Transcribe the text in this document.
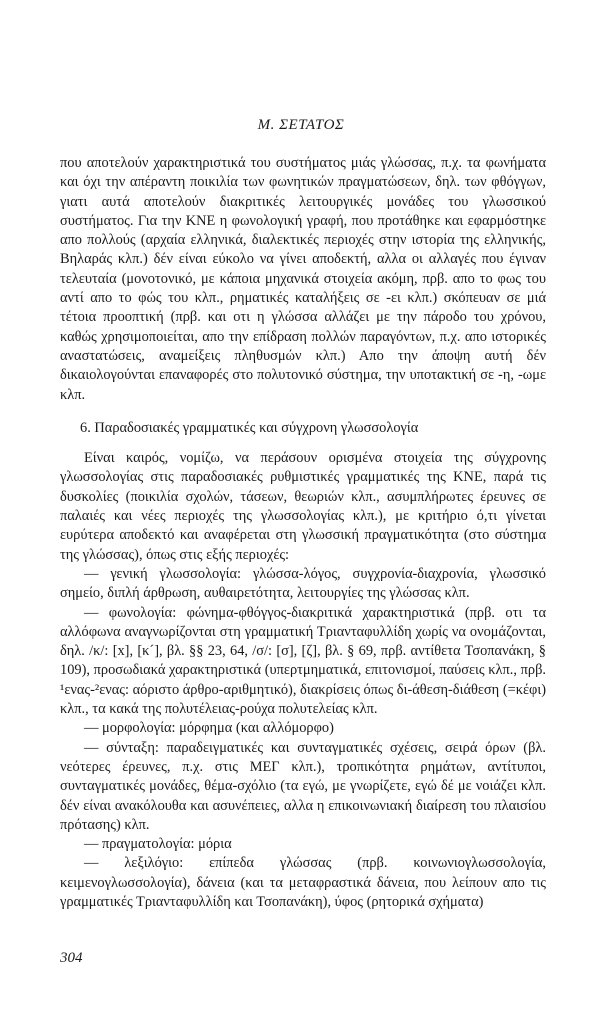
Μ. ΣΕΤΑΤΟΣ

που αποτελούν χαρακτηριστικά του συστήματος μιάς γλώσσας, π.χ. τα φωνήματα και όχι την απέραντη ποικιλία των φωνητικών πραγματώσεων, δηλ. των φθόγγων, γιατι αυτά αποτελούν διακριτικές λειτουργικές μονάδες του γλωσσικού συστήματος. Για την ΚΝΕ η φωνολογική γραφή, που προτάθηκε και εφαρμόστηκε απο πολλούς (αρχαία ελληνικά, διαλεκτικές περιοχές στην ιστορία της ελληνικής, Βηλαράς κλπ.) δέν είναι εύκολο να γίνει αποδεκτή, αλλα οι αλλαγές που έγιναν τελευταία (μονοτονικό, με κάποια μηχανικά στοιχεία ακόμη, πρβ. απο το φως του αντί απο το φώς του κλπ., ρηματικές καταλήξεις σε -ει κλπ.) σκόπευαν σε μιά τέτοια προοπτική (πρβ. και οτι η γλώσσα αλλάζει με την πάροδο του χρόνου, καθώς χρησιμοποιείται, απο την επίδραση πολλών παραγόντων, π.χ. απο ιστορικές αναστατώσεις, αναμείξεις πληθυσμών κλπ.) Απο την άποψη αυτή δέν δικαιολογούνται επαναφορές στο πολυτονικό σύστημα, την υποτακτική σε -η, -ωμε κλπ.

6. Παραδοσιακές γραμματικές και σύγχρονη γλωσσολογία

Είναι καιρός, νομίζω, να περάσουν ορισμένα στοιχεία της σύγχρονης γλωσσολογίας στις παραδοσιακές ρυθμιστικές γραμματικές της ΚΝΕ, παρά τις δυσκολίες (ποικιλία σχολών, τάσεων, θεωριών κλπ., ασυμπλήρωτες έρευνες σε παλαιές και νέες περιοχές της γλωσσολογίας κλπ.), με κριτήριο ό,τι γίνεται ευρύτερα αποδεκτό και αναφέρεται στη γλωσσική πραγματικότητα (στο σύστημα της γλώσσας), όπως στις εξής περιοχές:

— γενική γλωσσολογία: γλώσσα-λόγος, συγχρονία-διαχρονία, γλωσσικό σημείο, διπλή άρθρωση, αυθαιρετότητα, λειτουργίες της γλώσσας κλπ.

— φωνολογία: φώνημα-φθόγγος-διακριτικά χαρακτηριστικά (πρβ. οτι τα αλλόφωνα αναγνωρίζονται στη γραμματική Τριανταφυλλίδη χωρίς να ονομάζονται, δηλ. /κ/: [x], [κ´], βλ. §§ 23, 64, /σ/: [σ], [ζ], βλ. § 69, πρβ. αντίθετα Τσοπανάκη, § 109), προσωδιακά χαρακτηριστικά (υπερτμηματικά, επιτονισμοί, παύσεις κλπ., πρβ. ¹ενας-²ενας: αόριστο άρθρο-αριθμητικό), διακρίσεις όπως δι-άθεση-διάθεση (=κέφι) κλπ., τα κακά της πολυτέλειας-ρούχα πολυτελείας κλπ.

— μορφολογία: μόρφημα (και αλλόμορφο)

— σύνταξη: παραδειγματικές και συνταγματικές σχέσεις, σειρά όρων (βλ. νεότερες έρευνες, π.χ. στις ΜΕΓ κλπ.), τροπικότητα ρημάτων, αντίτυποι, συνταγματικές μονάδες, θέμα-σχόλιο (τα εγώ, με γνωρίζετε, εγώ δέ με νοιάζει κλπ. δέν είναι ανακόλουθα και ασυνέπειες, αλλα η επικοινωνιακή διαίρεση του πλαισίου πρότασης) κλπ.

— πραγματολογία: μόρια

— λεξιλόγιο: επίπεδα γλώσσας (πρβ. κοινωνιογλωσσολογία, κειμενογλωσσολογία), δάνεια (και τα μεταφραστικά δάνεια, που λείπουν απο τις γραμματικές Τριανταφυλλίδη και Τσοπανάκη), ύφος (ρητορικά σχήματα)

304
